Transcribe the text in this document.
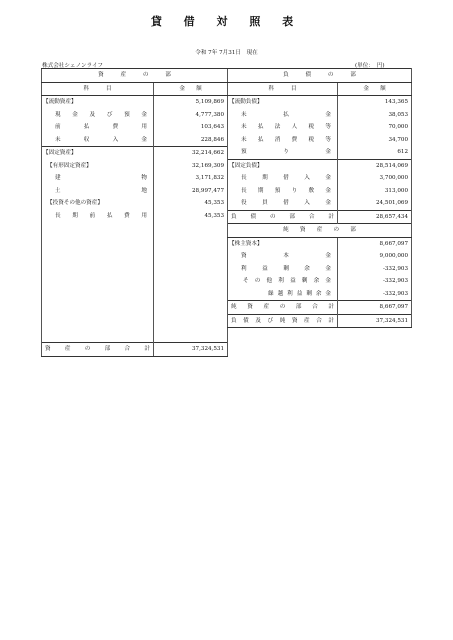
貸 借 対 照 表
令和 7年 7月31日　現在
株式会社シェノンライフ	(単位：　円)
資　　　産　　　の　　　部	
科　　　目	金　　額

【流動資産】	5,109,869

現金及び預金	4,777,380

前払費用	103,643

未収入金	228,846

【固定資産】	32,214,662

【有形固定資産】	32,169,309

建物	3,171,832

土地	28,997,477

【投資その他の資産】	45,353

長期前払費用	45,353

資　産　の　部　合　計	37,324,531
負　　　債　　　の　　　部	
科　　　目	金　　額

【流動負債】	143,365

未払金	38,053

未払法人税等	70,000

未払消費税等	34,700

預り金	612

【固定負債】	28,514,069

長期借入金	3,700,000

長期預り敷金	313,000

役員借入金	24,501,069

負債の部合計	28,657,434
純　　資　　産　　の　　部	

【株主資本】	8,667,097

資本金	9,000,000

利益剰余金	-332,903

その他利益剰余金	-332,903

繰越利益剰余金	-332,903

純資産の部合計	8,667,097

負債及び純資産合計	37,324,531
